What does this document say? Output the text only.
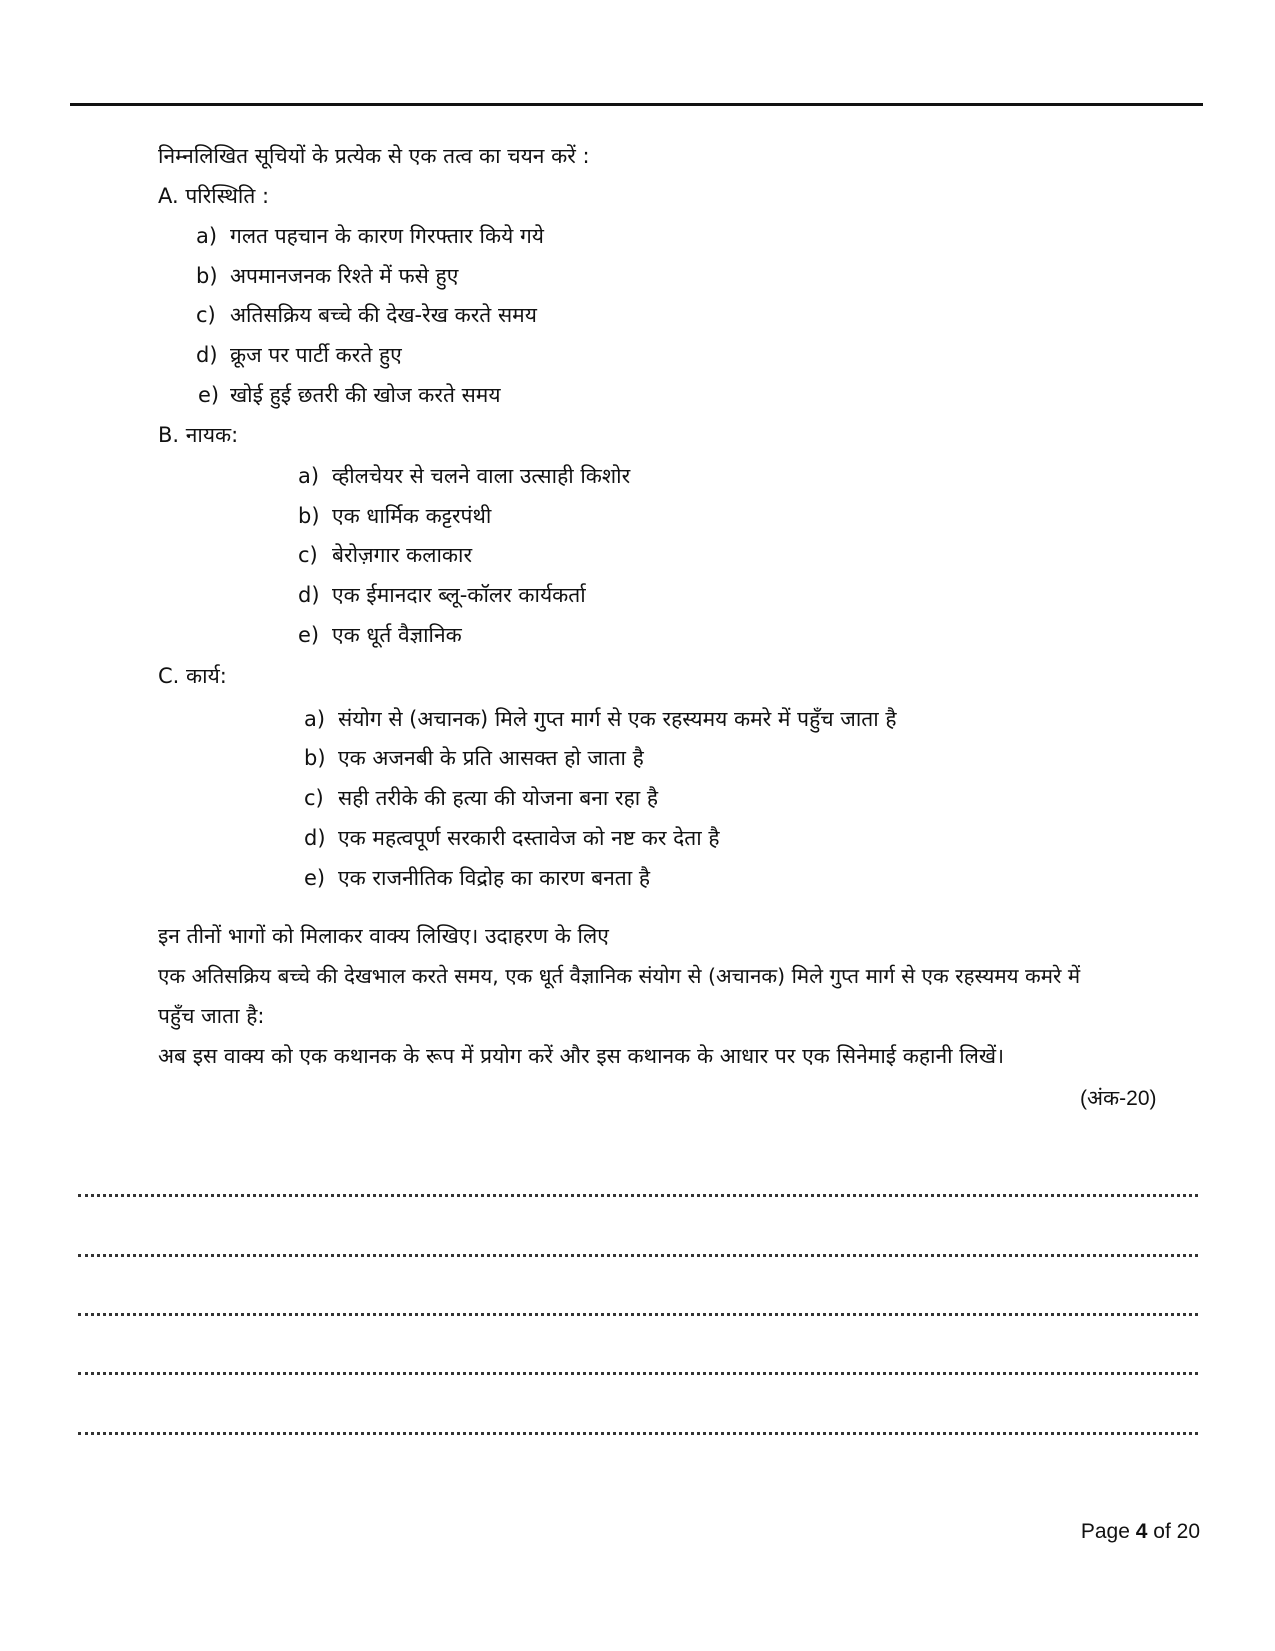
निम्नलिखित सूचियों के प्रत्येक से एक तत्व का चयन करें :
A. परिस्थिति :
a) गलत पहचान के कारण गिरफ्तार किये गये
b) अपमानजनक रिश्ते में फसे हुए
c) अतिसक्रिय बच्चे की देख-रेख करते समय
d) क्रूज पर पार्टी करते हुए
e) खोई हुई छतरी की खोज करते समय
B. नायक:
a) व्हीलचेयर से चलने वाला उत्साही किशोर
b) एक धार्मिक कट्टरपंथी
c) बेरोज़गार कलाकार
d) एक ईमानदार ब्लू-कॉलर कार्यकर्ता
e) एक धूर्त वैज्ञानिक
C. कार्य:
a) संयोग से (अचानक) मिले गुप्त मार्ग से एक रहस्यमय कमरे में पहुँच जाता है
b) एक अजनबी के प्रति आसक्त हो जाता है
c) सही तरीके की हत्या की योजना बना रहा है
d) एक महत्वपूर्ण सरकारी दस्तावेज को नष्ट कर देता है
e) एक राजनीतिक विद्रोह का कारण बनता है
इन तीनों भागों को मिलाकर वाक्य लिखिए। उदाहरण के लिए
एक अतिसक्रिय बच्चे की देखभाल करते समय, एक धूर्त वैज्ञानिक संयोग से (अचानक) मिले गुप्त मार्ग से एक रहस्यमय कमरे में
पहुँच जाता है:
अब इस वाक्य को एक कथानक के रूप में प्रयोग करें और इस कथानक के आधार पर एक सिनेमाई कहानी लिखें।
(अंक-20)
Page 4 of 20
